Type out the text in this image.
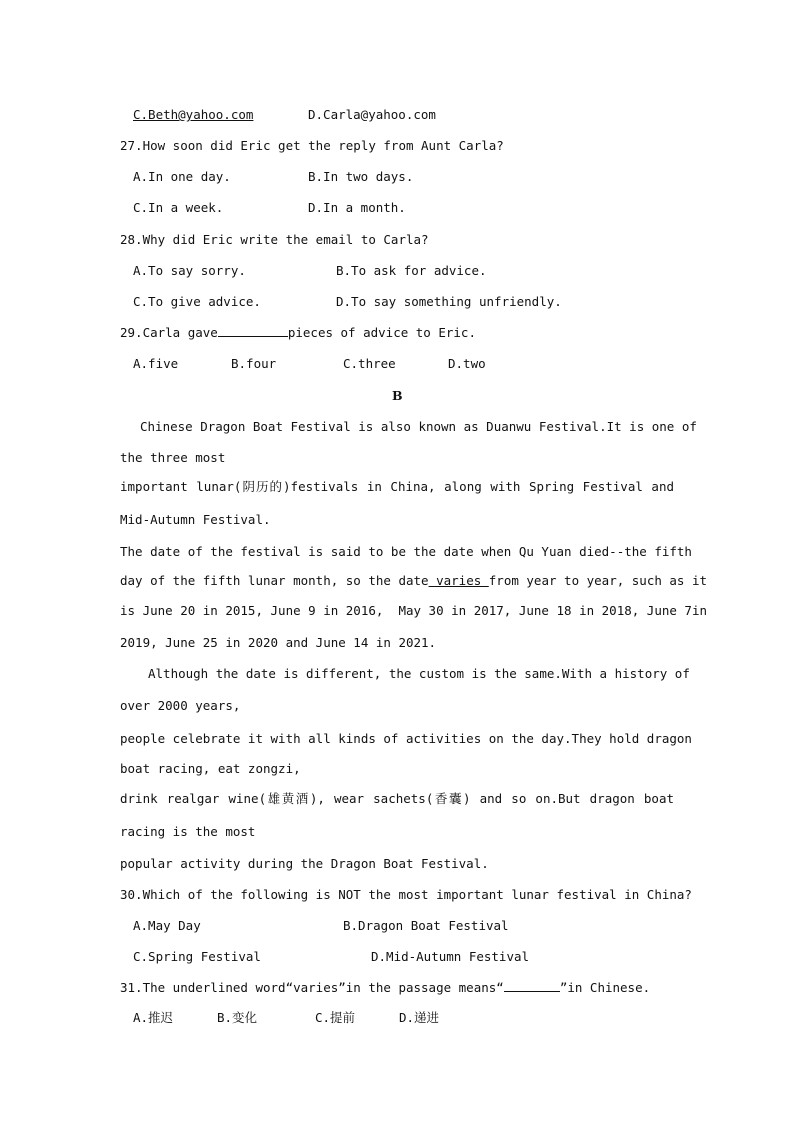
C.Beth@yahoo.com	D.Carla@yahoo.com
27.How soon did Eric get the reply from Aunt Carla?
A.In one day.	B.In two days.
C.In a week.	D.In a month.
28.Why did Eric write the email to Carla?
A.To say sorry.	B.To ask for advice.
C.To give advice.	D.To say something unfriendly.
29.Carla gave	pieces of advice to Eric.
A.five	B.four	C.three	D.two
B
Chinese Dragon Boat Festival is also known as Duanwu Festival.It is one of
the three most
important lunar(阴历的)festivals in China, along with Spring Festival and
Mid-Autumn Festival.
The date of the festival is said to be the date when Qu Yuan died--the fifth
day of the fifth lunar month, so the date varies from year to year, such as it
is June 20 in 2015, June 9 in 2016,  May 30 in 2017, June 18 in 2018, June 7in
2019, June 25 in 2020 and June 14 in 2021.
Although the date is different, the custom is the same.With a history of
over 2000 years,
people celebrate it with all kinds of activities on the day.They hold dragon
boat racing, eat zongzi,
drink realgar wine(雄黄酒), wear sachets(香囊) and so on.But dragon boat
racing is the most
popular activity during the Dragon Boat Festival.
30.Which of the following is NOT the most important lunar festival in China?
A.May Day	B.Dragon Boat Festival
C.Spring Festival	D.Mid-Autumn Festival
31.The underlined word“varies”in the passage means“	”in Chinese.
A.推迟	B.变化	C.提前	D.递进
